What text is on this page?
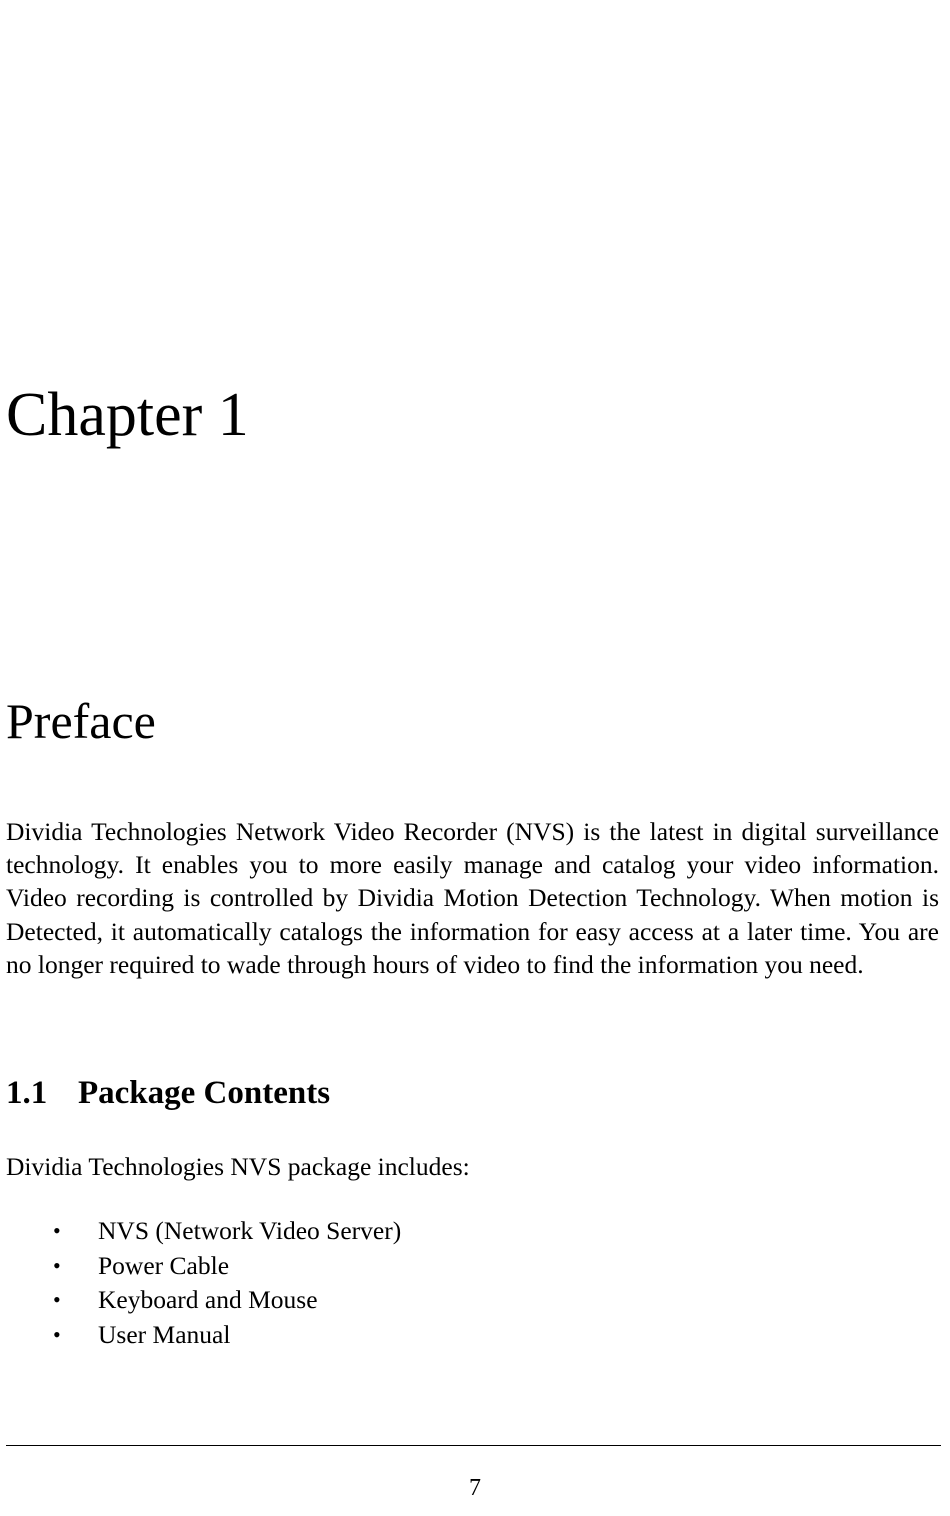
Chapter 1
Preface

Dividia Technologies Network Video Recorder (NVS) is the latest in digital surveillance technology. It enables you to more easily manage and catalog your video information. Video recording is controlled by Dividia Motion Detection Technology. When motion is Detected, it automatically catalogs the information for easy access at a later time. You are no longer required to wade through hours of video to find the information you need.

1.1 Package Contents

Dividia Technologies NVS package includes:

• NVS (Network Video Server)
• Power Cable
• Keyboard and Mouse
• User Manual
7
